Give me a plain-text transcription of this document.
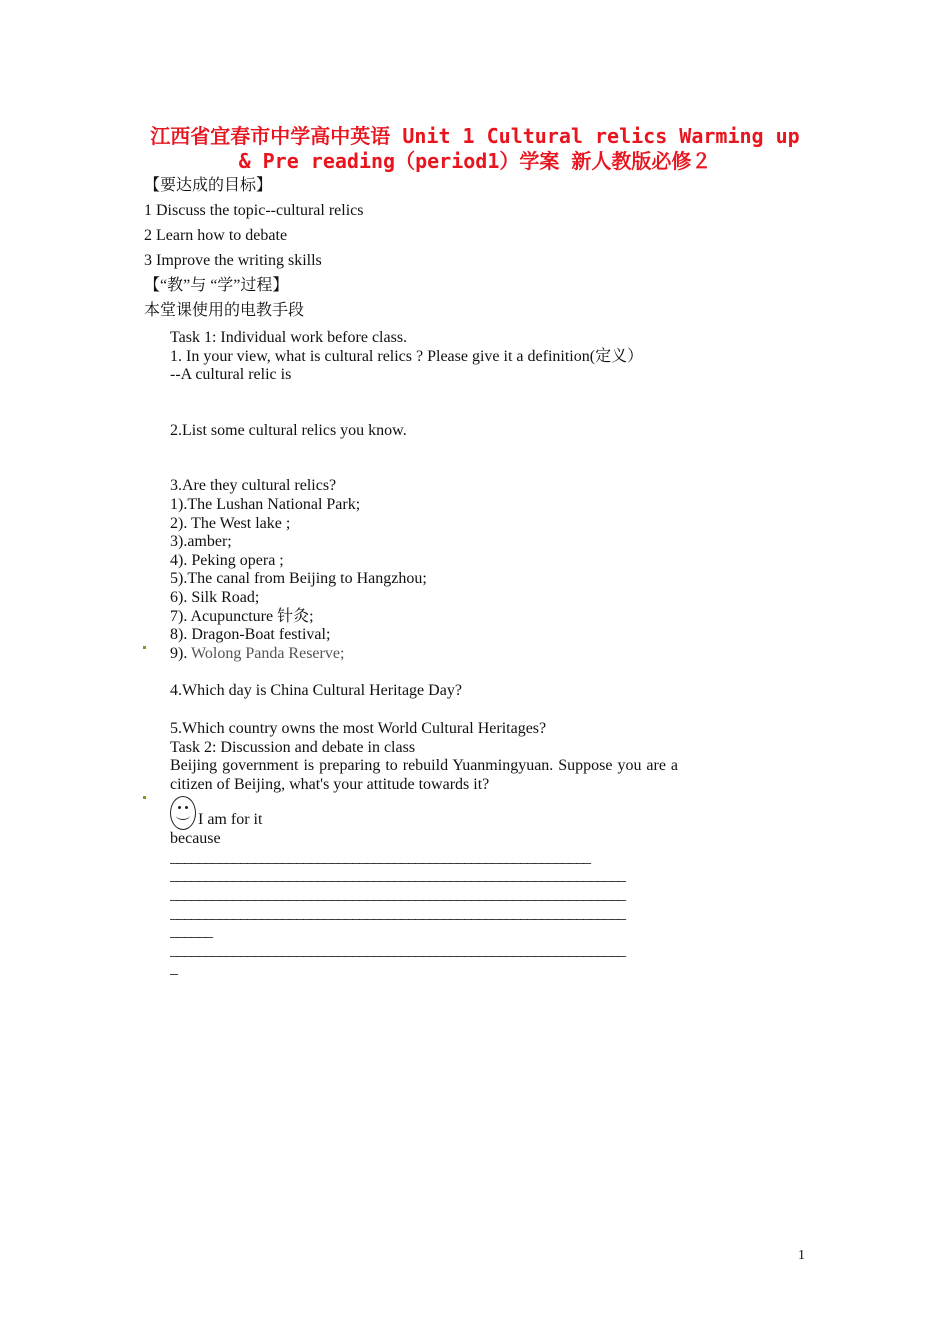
江西省宜春市中学高中英语 Unit 1 Cultural relics Warming up
& Pre reading（period1）学案 新人教版必修２
【要达成的目标】
1 Discuss the topic--cultural relics
2 Learn how to debate
3 Improve the writing skills
【“教”与 “学”过程】
本堂课使用的电教手段
Task 1: Individual work before class.
1. In your view, what is cultural relics ? Please give it a definition(定义）
--A cultural relic is
2.List some cultural relics you know.
3.Are they cultural relics?
1).The Lushan National Park;
2). The West lake ;
3).amber;
4). Peking opera ;
5).The canal from Beijing to Hangzhou;
6). Silk Road;
7). Acupuncture 针灸;
8). Dragon-Boat festival;
9). Wolong Panda Reserve;
4.Which day is China Cultural Heritage Day?
5.Which country owns the most World Cultural Heritages?
Task 2: Discussion and debate in class
Beijing government is preparing to rebuild Yuanmingyuan. Suppose you are a citizen of Beijing, what's your attitude towards it?
I am for it
because
____________________________________________________________
_________________________________________________________________
_________________________________________________________________
_________________________________________________________________
______
_________________________________________________________________
_
1
